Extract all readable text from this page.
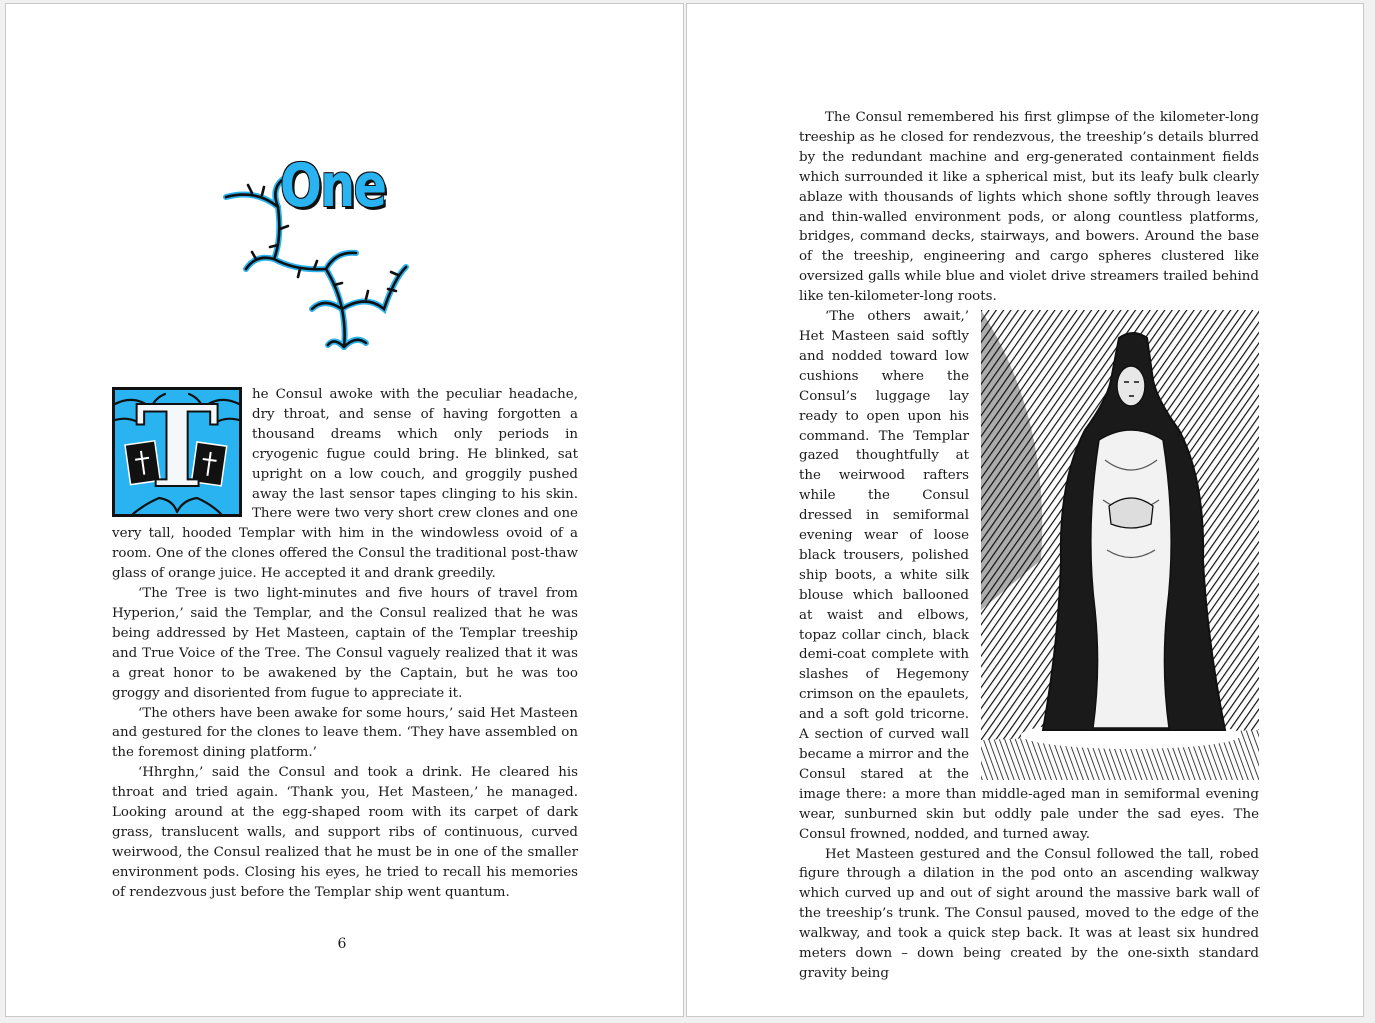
One
T	he Consul awoke with the peculiar headache, dry throat, and sense of having forgotten a thousand dreams which only periods in cryogenic fugue could bring. He blinked, sat upright on a low couch, and groggily pushed away the last sensor tapes clinging to his skin. There were two very short crew clones and one very tall, hooded Templar with him in the windowless ovoid of a room. One of the clones offered the Consul the traditional post-thaw glass of orange juice. He accepted it and drank greedily.

‘The Tree is two light-minutes and five hours of travel from Hyperion,’ said the Templar, and the Consul realized that he was being addressed by Het Masteen, captain of the Templar treeship and True Voice of the Tree. The Consul vaguely realized that it was a great honor to be awakened by the Captain, but he was too groggy and disoriented from fugue to appreciate it.

‘The others have been awake for some hours,’ said Het Masteen and gestured for the clones to leave them. ‘They have assembled on the foremost dining platform.’

‘Hhrghn,’ said the Consul and took a drink. He cleared his throat and tried again. ‘Thank you, Het Masteen,’ he managed. Looking around at the egg-shaped room with its carpet of dark grass, translucent walls, and support ribs of continuous, curved weirwood, the Consul realized that he must be in one of the smaller environment pods. Closing his eyes, he tried to recall his memories of rendezvous just before the Templar ship went quantum.

6

The Consul remembered his first glimpse of the kilometer-long treeship as he closed for rendezvous, the treeship’s details blurred by the redundant machine and erg-generated containment fields which surrounded it like a spherical mist, but its leafy bulk clearly ablaze with thousands of lights which shone softly through leaves and thin-walled environment pods, or along countless platforms, bridges, command decks, stairways, and bowers. Around the base of the treeship, engineering and cargo spheres clustered like oversized galls while blue and violet drive streamers trailed behind like ten-kilometer-long roots.

‘The others await,’ Het Masteen said softly and nodded toward low cushions where the Consul’s luggage lay ready to open upon his command. The Templar gazed thoughtfully at the weirwood rafters while the Consul dressed in semiformal evening wear of loose black trousers, polished ship boots, a white silk blouse which ballooned at waist and elbows, topaz collar cinch, black demi-coat complete with slashes of Hegemony crimson on the epaulets, and a soft gold tricorne. A section of curved wall became a mirror and the Consul stared at the image there: a more than middle-aged man in semiformal evening wear, sunburned skin but oddly pale under the sad eyes. The Consul frowned, nodded, and turned away.

Het Masteen gestured and the Consul followed the tall, robed figure through a dilation in the pod onto an ascending walkway which curved up and out of sight around the massive bark wall of the treeship’s trunk. The Consul paused, moved to the edge of the walkway, and took a quick step back. It was at least six hundred meters down – down being created by the one-sixth standard gravity being
